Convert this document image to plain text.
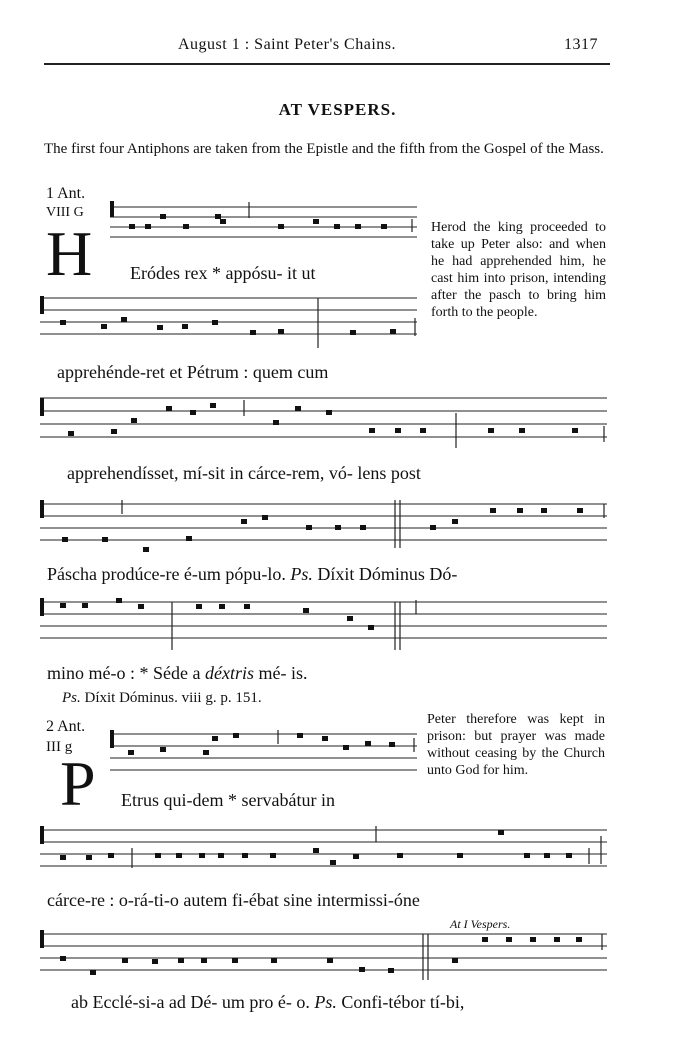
August 1 : Saint Peter's Chains.	1317
AT VESPERS.
The first four Antiphons are taken from the Epistle and the fifth from the Gospel of the Mass.
1 Ant.
VIII G
H	Herod the king proceeded to take up Peter also: and when he had apprehended him, he cast him into prison, intending after the pasch to bring him forth to the people.
Eródes rex * appósu- it ut
apprehénde-ret et Pétrum : quem cum
apprehendísset, mí-sit in cárce-rem, vó- lens post
Páscha prodúce-re é-um pópu-lo. Ps. Díxit Dóminus Dó-
mino mé-o : * Séde a déxtris mé- is.
Ps. Díxit Dóminus. viii g. p. 151.
2 Ant.
III g
P
Peter therefore was kept in prison: but prayer was made without ceasing by the Church unto God for him.
Etrus qui-dem * servabátur in
cárce-re : o-rá-ti-o autem fi-ébat sine intermissi-óne
At I Vespers.
ab Ecclé-si-a ad Dé- um pro é- o. Ps. Confi-tébor tí-bi,
